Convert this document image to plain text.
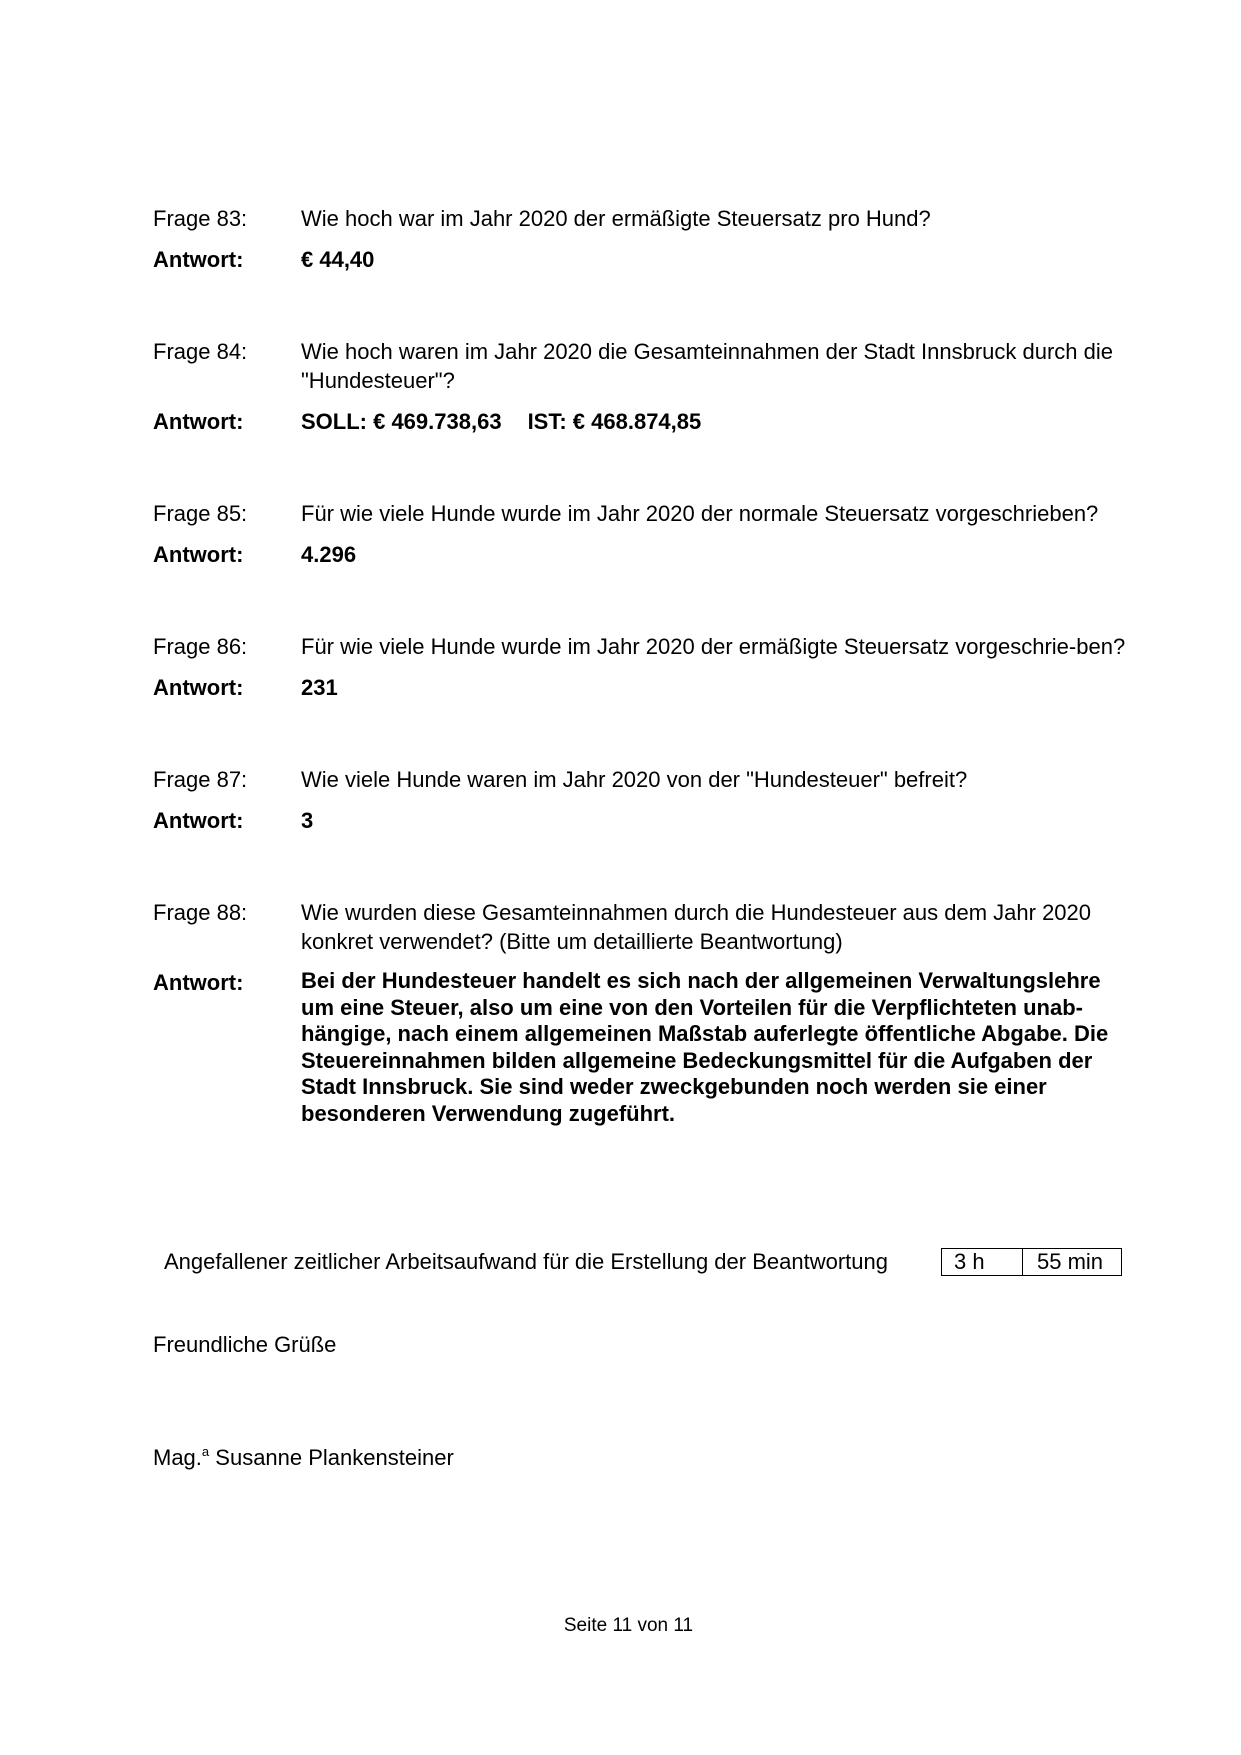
Frage 83:	Wie hoch war im Jahr 2020 der ermäßigte Steuersatz pro Hund?
Antwort:	€ 44,40
Frage 84:	Wie hoch waren im Jahr 2020 die Gesamteinnahmen der Stadt Innsbruck durch die "Hundesteuer"?
Antwort:	SOLL: € 469.738,63 IST: € 468.874,85
Frage 85:	Für wie viele Hunde wurde im Jahr 2020 der normale Steuersatz vorgeschrieben?
Antwort:	4.296
Frage 86:	Für wie viele Hunde wurde im Jahr 2020 der ermäßigte Steuersatz vorgeschrie-ben?
Antwort:	231
Frage 87:	Wie viele Hunde waren im Jahr 2020 von der "Hundesteuer" befreit?
Antwort:	3
Frage 88:	Wie wurden diese Gesamteinnahmen durch die Hundesteuer aus dem Jahr 2020 konkret verwendet? (Bitte um detaillierte Beantwortung)
Antwort:	Bei der Hundesteuer handelt es sich nach der allgemeinen Verwaltungslehre um eine Steuer, also um eine von den Vorteilen für die Verpflichteten unab-hängige, nach einem allgemeinen Maßstab auferlegte öffentliche Abgabe. Die Steuereinnahmen bilden allgemeine Bedeckungsmittel für die Aufgaben der Stadt Innsbruck. Sie sind weder zweckgebunden noch werden sie einer besonderen Verwendung zugeführt.
Angefallener zeitlicher Arbeitsaufwand für die Erstellung der Beantwortung	3 h	55 min
Freundliche Grüße
Mag.$^a$ Susanne Plankensteiner
Seite 11 von 11
